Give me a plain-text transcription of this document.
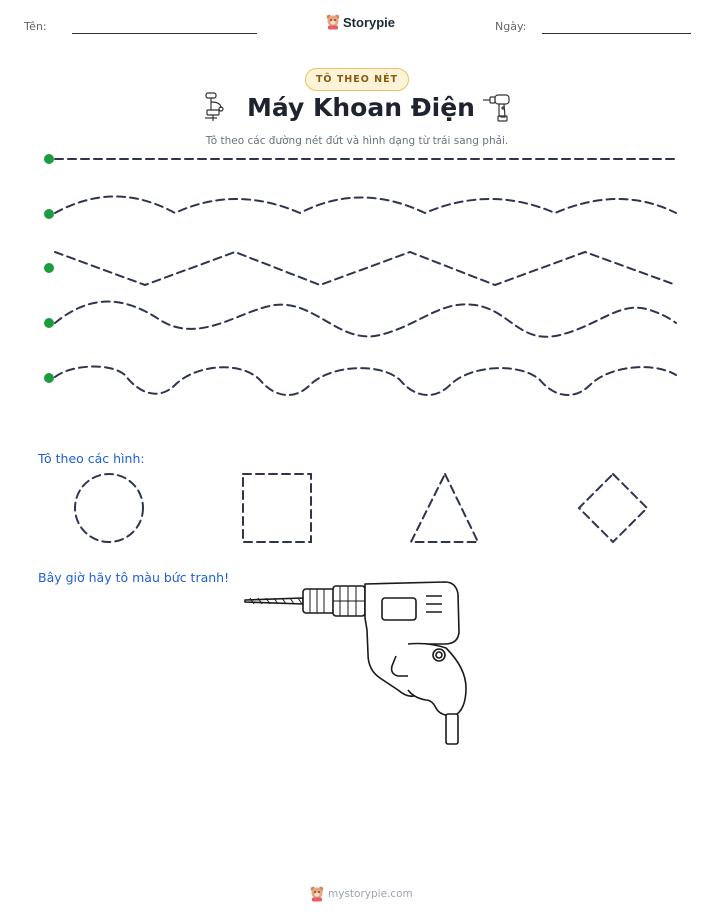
Tên:	Storypie	Ngày:
TÔ THEO NÉT
Máy Khoan Điện
Tô theo các đường nét đứt và hình dạng từ trái sang phải.
Tô theo các hình:
Bây giờ hãy tô màu bức tranh!
mystorypie.com
